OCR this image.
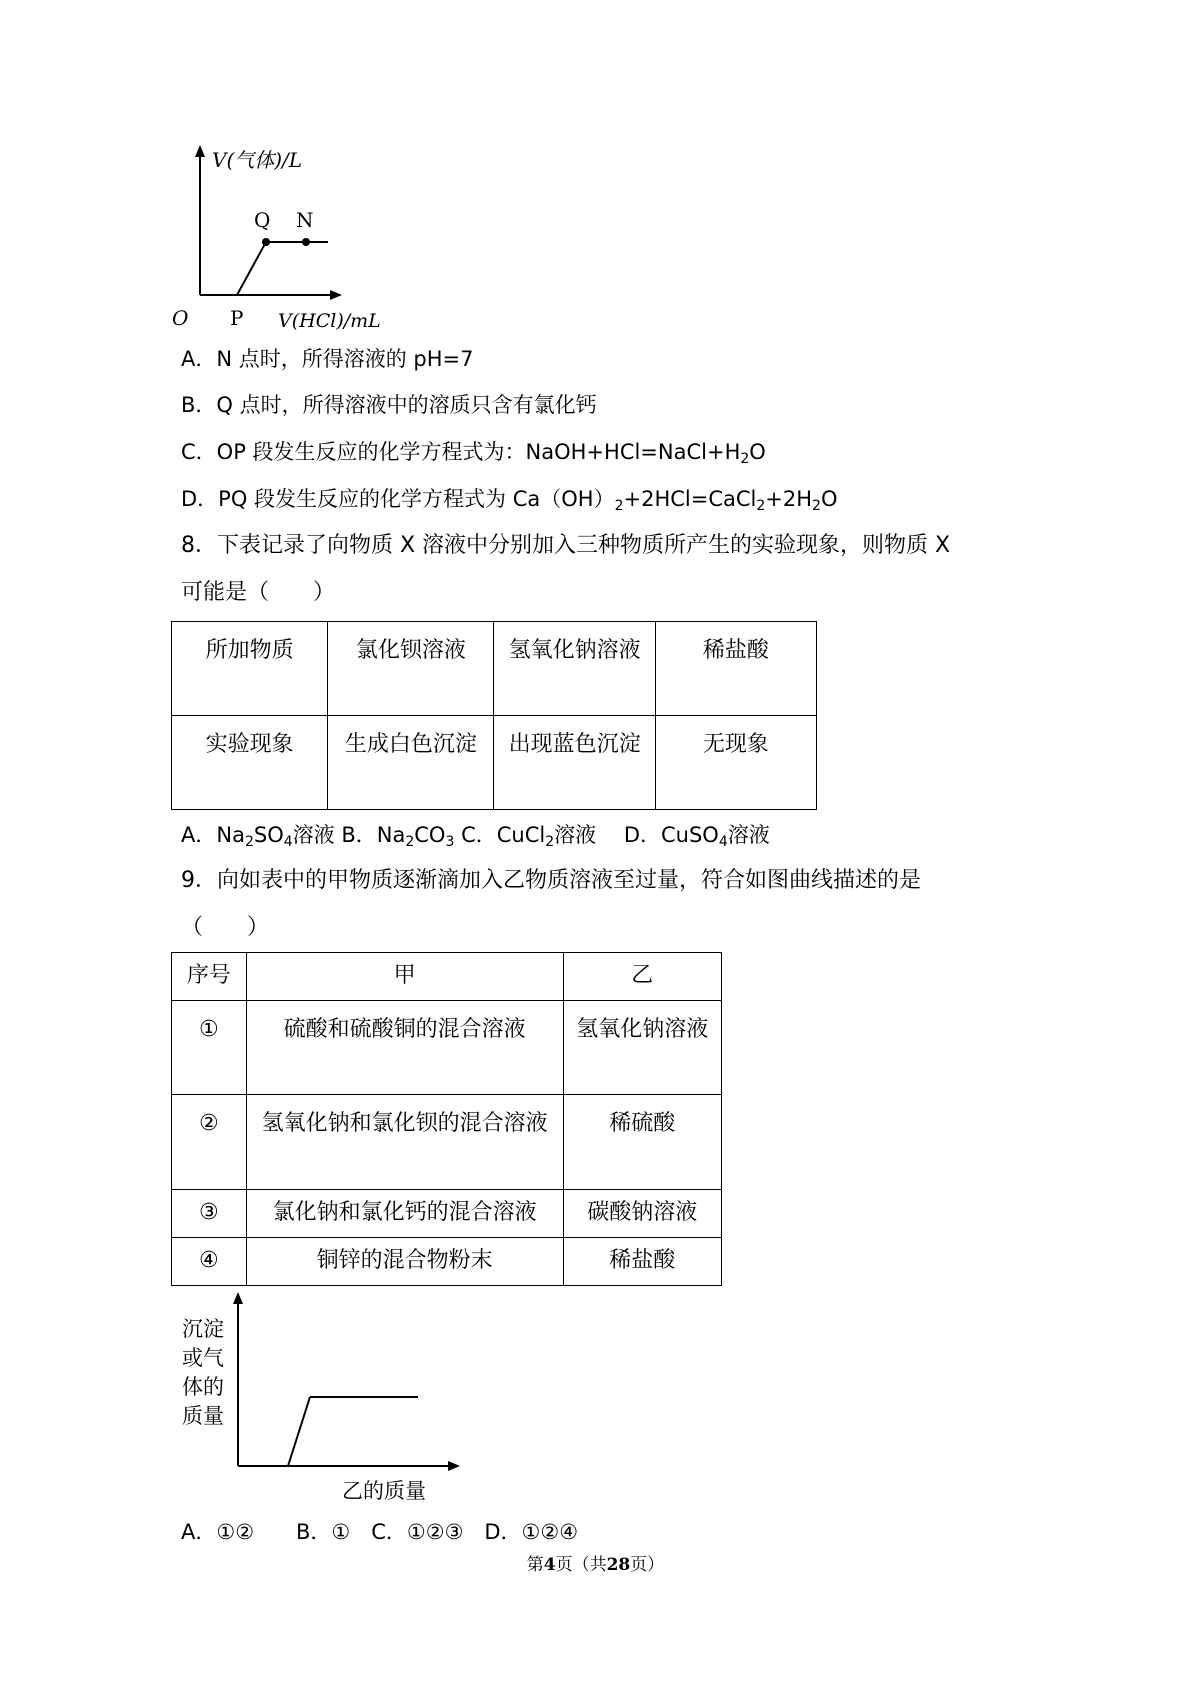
V(气体)/L
Q N
O P V(HCl)/mL
A．N 点时，所得溶液的 pH=7
B．Q 点时，所得溶液中的溶质只含有氯化钙
C．OP 段发生反应的化学方程式为：$NaOH+HCl=NaCl+H_2O$
D．PQ 段发生反应的化学方程式为 $Ca(OH)_2+2HCl=CaCl_2+2H_2O$
8．下表记录了向物质 X 溶液中分别加入三种物质所产生的实验现象，则物质 X
可能是（　　）
所加物质	氯化钡溶液	氢氧化钠溶液	稀盐酸
实验现象	生成白色沉淀	出现蓝色沉淀	无现象
A．$Na_2SO_4$溶液 B．$Na_2CO_3$ C．CuCl$_2$溶液 　 D．CuSO$_4$溶液
9．向如表中的甲物质逐渐滴加入乙物质溶液至过量，符合如图曲线描述的是
（　　）
序号	甲	乙
①	硫酸和硫酸铜的混合溶液	氢氧化钠溶液
②	氢氧化钠和氯化钡的混合溶液	稀硫酸
③	氯化钠和氯化钙的混合溶液	碳酸钠溶液
④	铜锌的混合物粉末	稀盐酸
沉淀
或气
体的
质量
乙的质量
A．①②　　B．①　C．①②③　D．①②④
第4页（共28页）
